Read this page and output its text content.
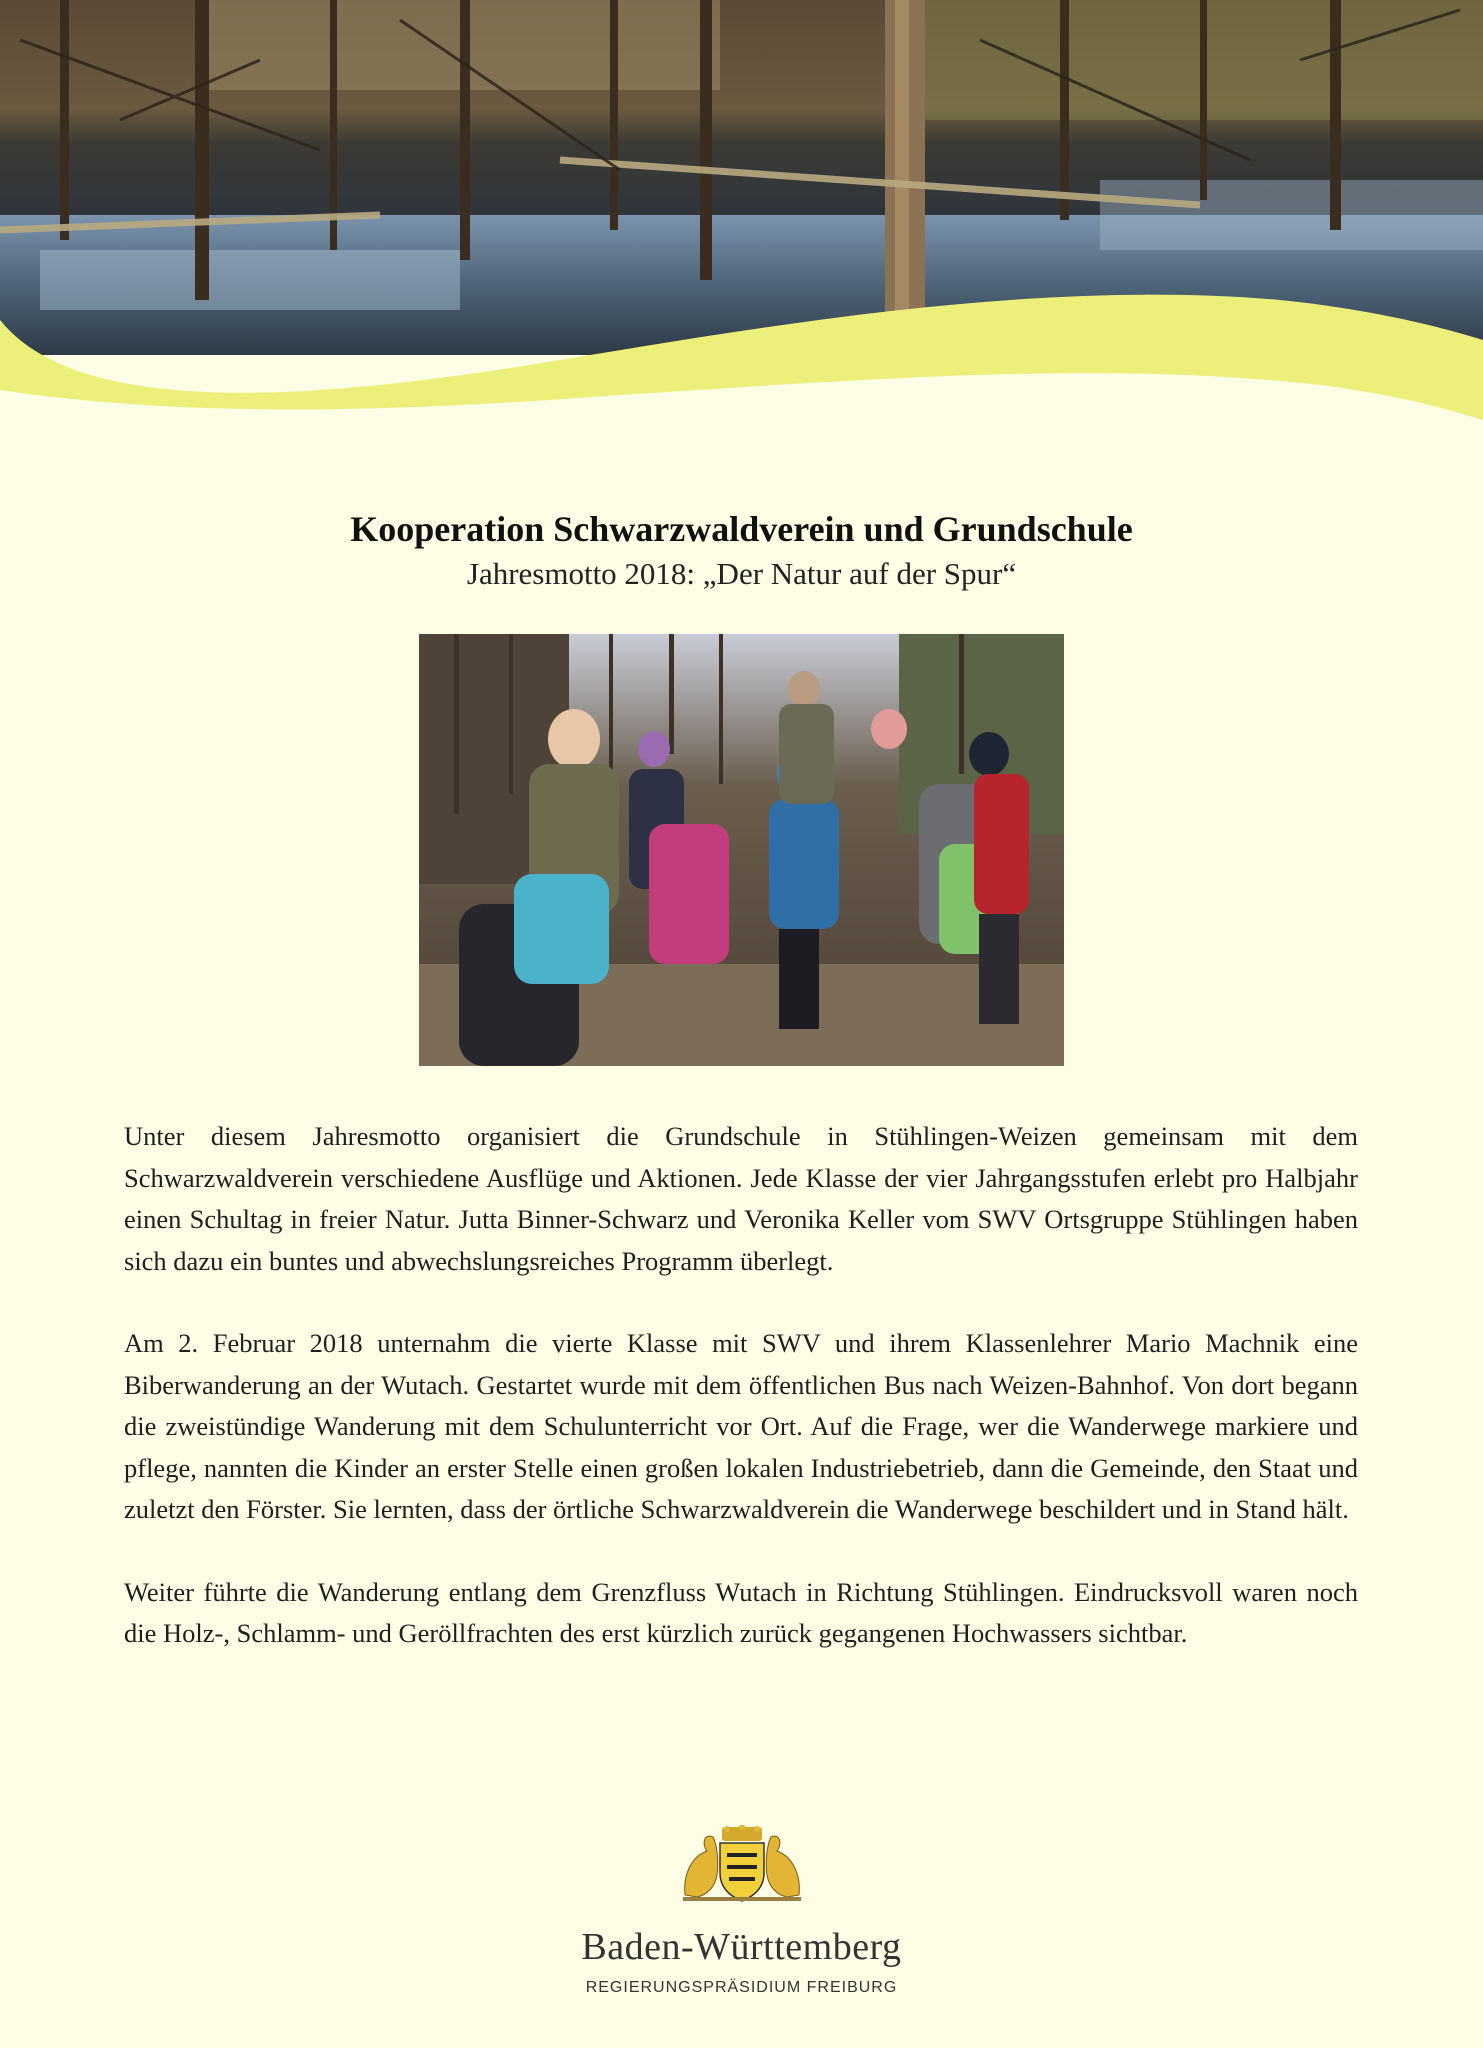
Kooperation Schwarzwaldverein und Grundschule
Jahresmotto 2018: „Der Natur auf der Spur“

Unter diesem Jahresmotto organisiert die Grundschule in Stühlingen-Weizen gemeinsam mit dem Schwarzwaldverein verschiedene Ausflüge und Aktionen. Jede Klasse der vier Jahrgangsstufen erlebt pro Halbjahr einen Schultag in freier Natur. Jutta Binner-Schwarz und Veronika Keller vom SWV Ortsgruppe Stühlingen haben sich dazu ein buntes und abwechslungsreiches Programm überlegt.

Am 2. Februar 2018 unternahm die vierte Klasse mit SWV und ihrem Klassenlehrer Mario Machnik eine Biberwanderung an der Wutach. Gestartet wurde mit dem öffentlichen Bus nach Weizen-Bahnhof. Von dort begann die zweistündige Wanderung mit dem Schulunterricht vor Ort. Auf die Frage, wer die Wanderwege markiere und pflege, nannten die Kinder an erster Stelle einen großen lokalen Industriebetrieb, dann die Gemeinde, den Staat und zuletzt den Förster. Sie lernten, dass der örtliche Schwarzwaldverein die Wanderwege beschildert und in Stand hält.

Weiter führte die Wanderung entlang dem Grenzfluss Wutach in Richtung Stühlingen. Eindrucksvoll waren noch die Holz-, Schlamm- und Geröllfrachten des erst kürzlich zurück gegangenen Hochwassers sichtbar.

Baden-Württemberg
REGIERUNGSPRÄSIDIUM FREIBURG
